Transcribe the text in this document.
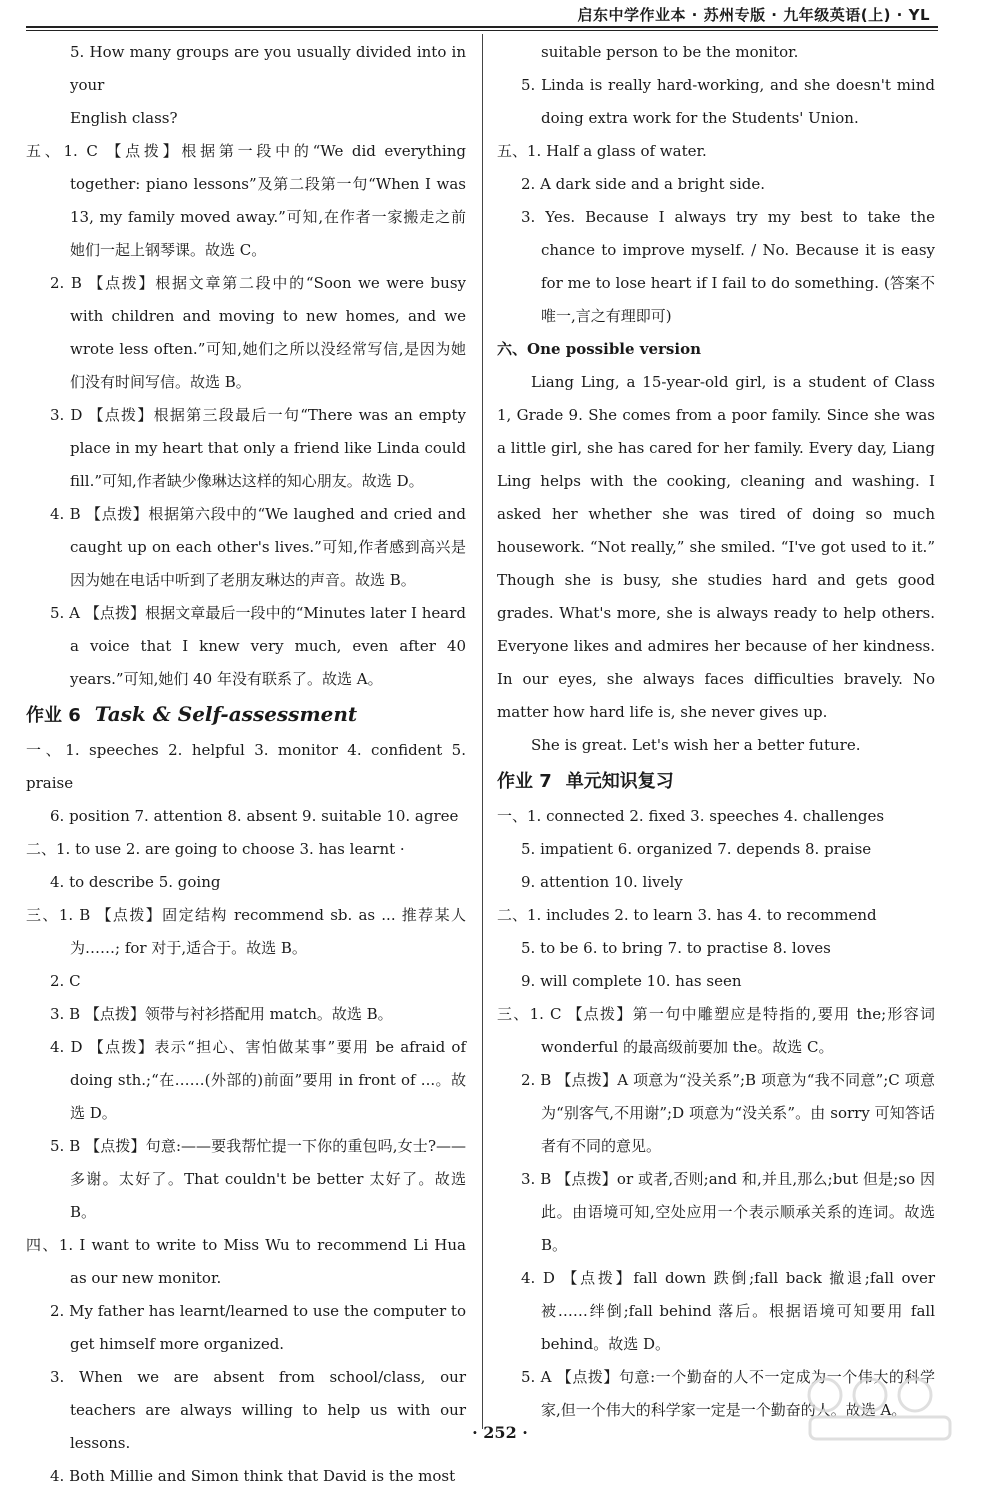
启东中学作业本 · 苏州专版 · 九年级英语(上) · YL

5. How many groups are you usually divided into in your

English class?

五、1. C 【点拨】根据第一段中的“We did everything together: piano lessons”及第二段第一句“When I was 13, my family moved away.”可知,在作者一家搬走之前她们一起上钢琴课。故选 C。

2. B 【点拨】根据文章第二段中的“Soon we were busy with children and moving to new homes, and we wrote less often.”可知,她们之所以没经常写信,是因为她们没有时间写信。故选 B。

3. D 【点拨】根据第三段最后一句“There was an empty place in my heart that only a friend like Linda could fill.”可知,作者缺少像琳达这样的知心朋友。故选 D。

4. B 【点拨】根据第六段中的“We laughed and cried and caught up on each other's lives.”可知,作者感到高兴是因为她在电话中听到了老朋友琳达的声音。故选 B。

5. A 【点拨】根据文章最后一段中的“Minutes later I heard a voice that I knew very much, even after 40 years.”可知,她们 40 年没有联系了。故选 A。

作业 6 Task & Self-assessment

一、1. speeches 2. helpful 3. monitor 4. confident 5. praise

6. position 7. attention 8. absent 9. suitable 10. agree

二、1. to use 2. are going to choose 3. has learnt ·

4. to describe 5. going

三、1. B 【点拨】固定结构 recommend sb. as ... 推荐某人为……; for 对于,适合于。故选 B。

2. C

3. B 【点拨】领带与衬衫搭配用 match。故选 B。

4. D 【点拨】表示“担心、害怕做某事”要用 be afraid of doing sth.;“在……(外部的)前面”要用 in front of ...。故选 D。

5. B 【点拨】句意:——要我帮忙提一下你的重包吗,女士?——多谢。太好了。That couldn't be better 太好了。故选 B。

四、1. I want to write to Miss Wu to recommend Li Hua as our new monitor.

2. My father has learnt/learned to use the computer to get himself more organized.

3. When we are absent from school/class, our teachers are always willing to help us with our lessons.

4. Both Millie and Simon think that David is the most

suitable person to be the monitor.

5. Linda is really hard-working, and she doesn't mind doing extra work for the Students' Union.

五、1. Half a glass of water.

2. A dark side and a bright side.

3. Yes. Because I always try my best to take the chance to improve myself. / No. Because it is easy for me to lose heart if I fail to do something. (答案不唯一,言之有理即可)

六、One possible version

Liang Ling, a 15-year-old girl, is a student of Class 1, Grade 9. She comes from a poor family. Since she was a little girl, she has cared for her family. Every day, Liang Ling helps with the cooking, cleaning and washing. I asked her whether she was tired of doing so much housework. “Not really,” she smiled. “I've got used to it.” Though she is busy, she studies hard and gets good grades. What's more, she is always ready to help others. Everyone likes and admires her because of her kindness. In our eyes, she always faces difficulties bravely. No matter how hard life is, she never gives up.

She is great. Let's wish her a better future.

作业 7 单元知识复习

一、1. connected 2. fixed 3. speeches 4. challenges

5. impatient 6. organized 7. depends 8. praise

9. attention 10. lively

二、1. includes 2. to learn 3. has 4. to recommend

5. to be 6. to bring 7. to practise 8. loves

9. will complete 10. has seen

三、1. C 【点拨】第一句中雕塑应是特指的,要用 the;形容词 wonderful 的最高级前要加 the。故选 C。

2. B 【点拨】A 项意为“没关系”;B 项意为“我不同意”;C 项意为“别客气,不用谢”;D 项意为“没关系”。由 sorry 可知答话者有不同的意见。

3. B 【点拨】or 或者,否则;and 和,并且,那么;but 但是;so 因此。由语境可知,空处应用一个表示顺承关系的连词。故选 B。

4. D 【点拨】fall down 跌倒;fall back 撤退;fall over 被……绊倒;fall behind 落后。根据语境可知要用 fall behind。故选 D。

5. A 【点拨】句意:一个勤奋的人不一定成为一个伟大的科学家,但一个伟大的科学家一定是一个勤奋的人。故选 A。

· 252 ·
